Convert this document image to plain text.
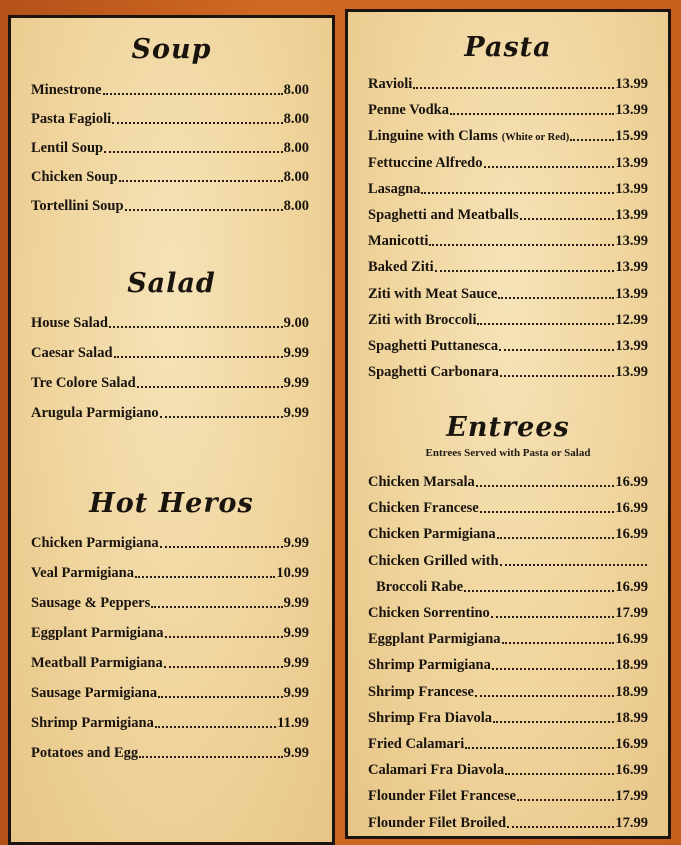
Soup
Minestrone	8.00
Pasta Fagioli	8.00
Lentil Soup	8.00
Chicken Soup	8.00
Tortellini Soup	8.00
Salad
House Salad	9.00
Caesar Salad	9.99
Tre Colore Salad	9.99
Arugula Parmigiano	9.99
Hot Heros
Chicken Parmigiana	9.99
Veal Parmigiana	10.99
Sausage & Peppers	9.99
Eggplant Parmigiana	9.99
Meatball Parmigiana	9.99
Sausage Parmigiana	9.99
Shrimp Parmigiana	11.99
Potatoes and Egg	9.99
Pasta
Ravioli	13.99
Penne Vodka	13.99
Linguine with Clams (White or Red)	15.99
Fettuccine Alfredo	13.99
Lasagna	13.99
Spaghetti and Meatballs	13.99
Manicotti	13.99
Baked Ziti	13.99
Ziti with Meat Sauce	13.99
Ziti with Broccoli	12.99
Spaghetti Puttanesca	13.99
Spaghetti Carbonara	13.99
Entrees
Entrees Served with Pasta or Salad
Chicken Marsala	16.99
Chicken Francese	16.99
Chicken Parmigiana	16.99
Chicken Grilled with
Broccoli Rabe	16.99
Chicken Sorrentino	17.99
Eggplant Parmigiana	16.99
Shrimp Parmigiana	18.99
Shrimp Francese	18.99
Shrimp Fra Diavola	18.99
Fried Calamari	16.99
Calamari Fra Diavola	16.99
Flounder Filet Francese	17.99
Flounder Filet Broiled	17.99
